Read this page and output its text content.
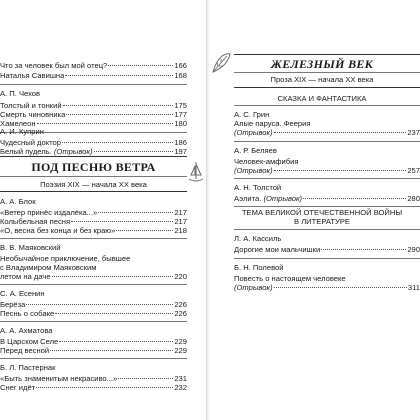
Что за человек был мой отец?	166
Наталья Савишна	168
А. П. Чехов
Толстый и тонкий	175
Смерть чиновника	177
Хамелеон	180
А. И. Куприн
Чудесный доктор	186
Белый пудель. (Отрывок)	197
ПОД ПЕСНЮ ВЕТРА
Поэзия XIX — начала XX века
А. А. Блок
«Ветер принёс издалёка...»	217
Колыбельная песня	217
«О, весна без конца и без краю»	218
В. В. Маяковский
Необычайное приключение, бывшее
с Владимиром Маяковским
летом на даче	220
С. А. Есенин
Берёза	226
Песнь о собаке	226
А. А. Ахматова
В Царском Селе	229
Перед весной	229
Б. Л. Пастернак
«Быть знаменитым некрасиво...»	231
Снег идёт	232
ЖЕЛЕЗНЫЙ ВЕК
Проза XIX — начала XX века
СКАЗКА И ФАНТАСТИКА
А. С. Грин
Алые паруса. Феерия
(Отрывок)	237
А. Р. Беляев
Человек-амфибия
(Отрывок)	257
А. Н. Толстой
Аэлита. (Отрывок)	280
ТЕМА ВЕЛИКОЙ ОТЕЧЕСТВЕННОЙ ВОЙНЫ
В ЛИТЕРАТУРЕ
Л. А. Кассиль
Дорогие мои мальчишки	290
Б. Н. Полевой
Повесть о настоящем человеке
(Отрывок)	311
